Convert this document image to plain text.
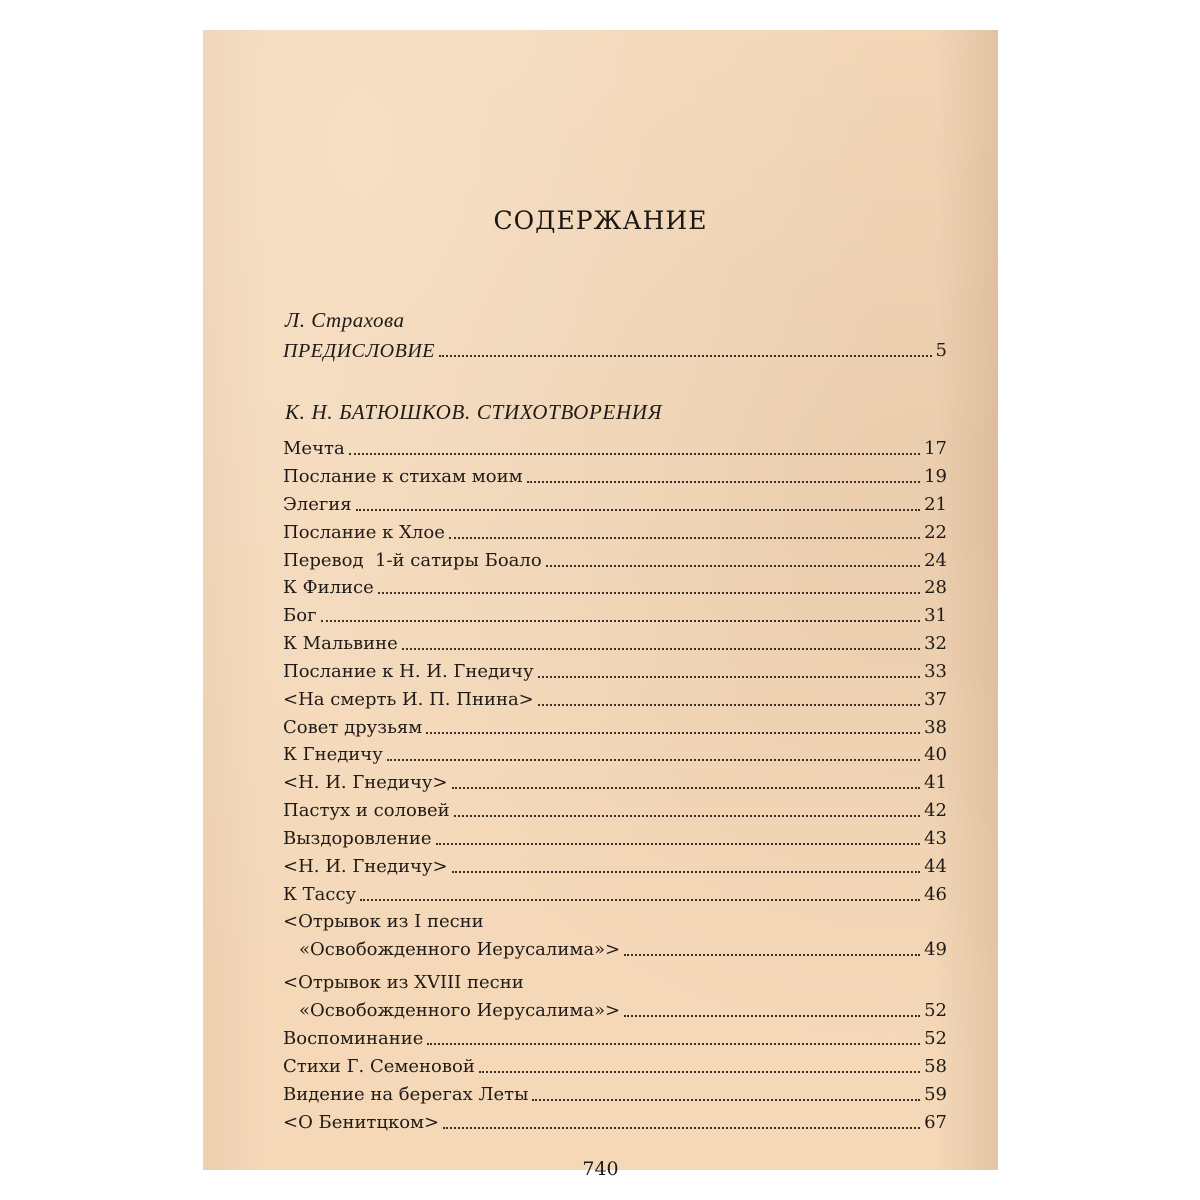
СОДЕРЖАНИЕ
Л. Страхова
ПРЕДИСЛОВИЕ	5
К. Н. БАТЮШКОВ. СТИХОТВОРЕНИЯ
Мечта	17
Послание к стихам моим	19
Элегия	21
Послание к Хлое	22
Перевод  1-й сатиры Боало	24
К Филисе	28
Бог	31
К Мальвине	32
Послание к Н. И. Гнедичу	33
<На смерть И. П. Пнина>	37
Совет друзьям	38
К Гнедичу	40
<Н. И. Гнедичу>	41
Пастух и соловей	42
Выздоровление	43
<Н. И. Гнедичу>	44
К Тассу	46
<Отрывок из I песни
«Освобожденного Иерусалима»>	49
<Отрывок из XVIII песни
«Освобожденного Иерусалима»>	52
Воспоминание	52
Стихи Г. Семеновой	58
Видение на берегах Леты	59
<О Бенитцком>	67
740
